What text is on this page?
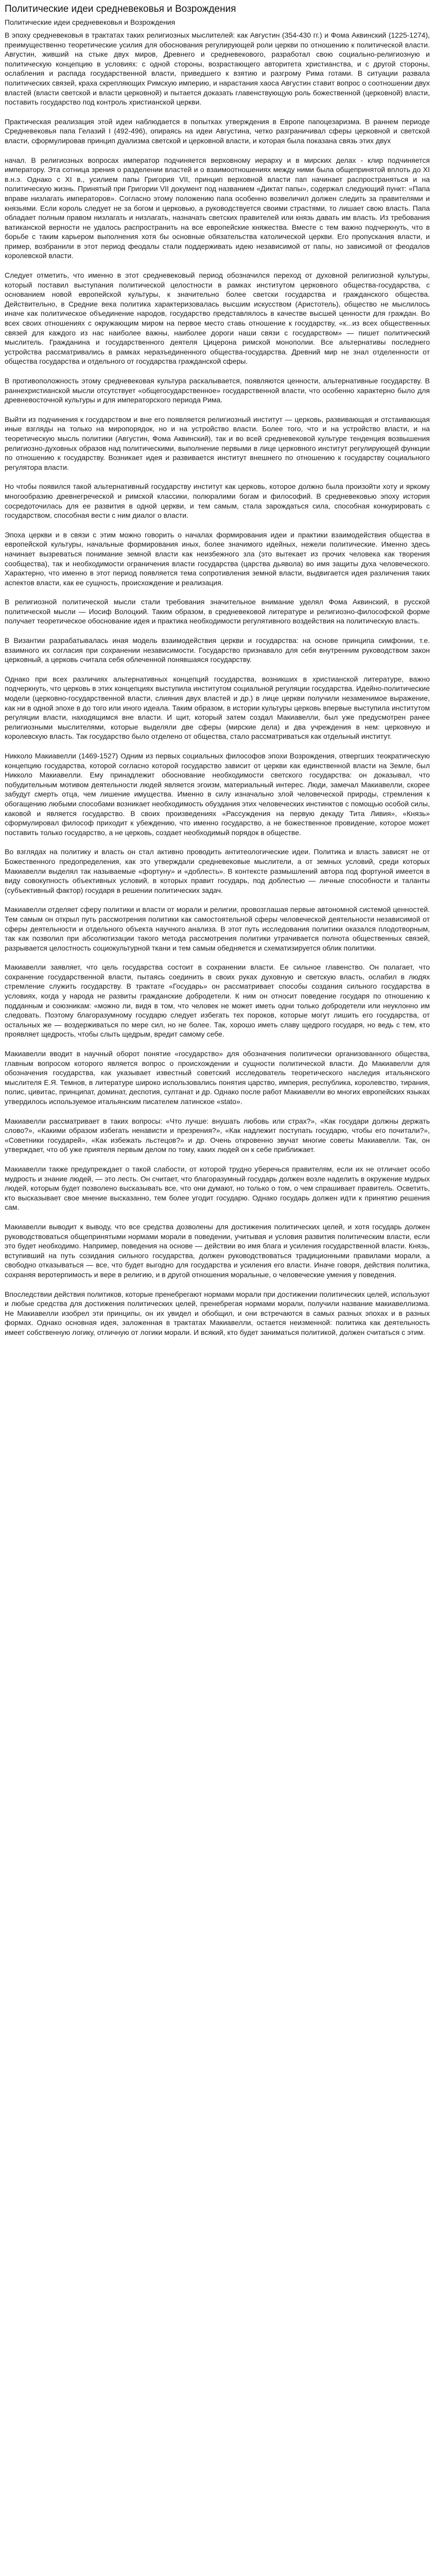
Политические идеи средневековья и Возрождения
Политические идеи средневековья и Возрождения

В эпоху средневековья в трактатах таких религиозных мыслителей: как Августин (354-430 гг.) и Фома Аквинский (1225-1274), преимущественно теоретические усилия для обоснования регулирующей роли церкви по отношению к политической власти. Августин, живший на стыке двух миров, Древнего и средневекового, разработал свою социально-религиозную и политическую концепцию в условиях: с одной стороны, возрастающего авторитета христианства, и с другой стороны, ослабления и распада государственной власти, приведшего к взятию и разгрому Рима готами. В ситуации развала политических связей, краха скрепляющих Римскую империю, и нарастания хаоса Августин ставит вопрос о соотношении двух властей (власти светской и власти церковной) и пытается доказать главенствующую роль божественной (церковной) власти, поставить государство под контроль христианской церкви.

Практическая реализация этой идеи наблюдается в попытках утверждения в Европе папоцезаризма. В раннем периоде Средневековья папа Гелазий I (492-496), опираясь на идеи Августина, четко разграничивал сферы церковной и светской власти, сформулировав принцип дуализма светской и церковной власти, и которая была показана связь этих двух

начал. В религиозных вопросах император подчиняется верховному иерарху и в мирских делах - клир подчиняется императору. Эта сотница зрения о разделении властей и о взаимоотношениях между ними была общепринятой вплоть до XI в.н.э. Однако с XI в., усилием папы Григория VII, принцип верховной власти пап начинает распространяться и на политическую жизнь. Принятый при Григории VII документ под названием «Диктат папы», содержал следующий пункт: «Папа вправе низлагать императоров». Согласно этому положению папа особенно возвеличил должен следить за правителями и князьями. Если король следует не за богом и церковью, а руководствуется своими страстями, то лишает свою власть. Папа обладает полным правом низлагать и низлагать, назначать светских правителей или князь давать им власть. Из требования ватиканской верности не удалось распространить на все европейские княжества. Вместе с тем важно подчеркнуть, что в борьбе с таким карьером выполнения хотя бы основные обязательства католической церкви. Его пропускания власти, и пример, возбранили в этот период феодалы стали поддерживать идею независимой от папы, но зависимой от феодалов королевской власти.

Следует отметить, что именно в этот средневековый период обозначился переход от духовной религиозной культуры, который поставил выступания политической целостности в рамках институтом церковного общества-государства, с основанием новой европейской культуры, к значительно более светски государства и гражданского общества. Действительно, в Средние века политика характеризовалась высшим искусством (Аристотель), общество не мыслилось иначе как политическое объединение народов, государство представлялось в качестве высшей ценности для граждан. Во всех своих отношениях с окружающим миром на первое место ставь отношение к государству, «к...из всех общественных связей для каждого из нас наиболее важны, наиболее дороги наши связи с государством» — пишет политический мыслитель. Гражданина и государственного деятеля Цицерона римской монополии. Все альтернативы последнего устройства рассматривались в рамках неразъединенного общества-государства. Древний мир не знал отделенности от общества государства и отдельного от государства гражданской сферы.

В противоположность этому средневековая культура раскалывается, появляются ценности, альтернативные государству. В раннехристианской мысли отсутствует «общегосударственное» государственной власти, что особенно характерно было для древневосточной культуры и для императорского периода Рима.

Выйти из подчинения к государством и вне его появляется религиозный институт — церковь, развивающая и отстаивающая иные взгляды на только на миропорядок, но и на устройство власти. Более того, что и на устройство власти, и на теоретическую мысль политики (Августин, Фома Аквинский), так и во всей средневековой культуре тенденция возвышения религиозно-духовных образов над политическими, выполнение первыми в лице церковного институт регулирующей функции по отношению к государству. Возникает идея и развивается институт внешнего по отношению к государству социального регулятора власти.

Но чтобы появился такой альтернативный государству институт как церковь, которое должно была произойти хоту и яркому многообразию древнегреческой и римской классики, полюралими богам и философий. В средневековью эпоху история сосредоточилась для ее развития в одной церкви, и тем самым, стала зарождаться сила, способная конкурировать с государством, способная вести с ним диалог о власти.

Эпоха церкви и в связи с этим можно говорить о началах формирования идеи и практики взаимодействия общества в европейской культуры, начальные формирования иных, более значимого идейных, нежели политические. Именно здесь начинает вызреваться понимание земной власти как неизбежного зла (это вытекает из прочих человека как творения сообщества), так и необходимости ограничения власти государства (царства дьявола) во имя защиты духа человеческого. Характерно, что именно в этот период появляется тема сопротивления земной власти, выдвигается идея различения таких аспектов власти, как ее сущность, происхождение и реализация.

В религиозной политической мысли стали требования значительное внимание уделял Фома Аквинский, в русской политической мысли — Иосиф Волоцкий. Таким образом, в средневековой литературе и религиозно-философской форме получает теоретическое обоснование идея и практика необходимости регулятивного воздействия на политическую власть.

В Византии разрабатывалась иная модель взаимодействия церкви и государства: на основе принципа симфонии, т.е. взаимного их согласия при сохранении независимости. Государство признавало для себя внутренним руководством закон церковный, а церковь считала себя облеченной понявшаяся государству.

Однако при всех различиях альтернативных концепций государства, возникших в христианской литературе, важно подчеркнуть, что церковь в этих концепциях выступила институтом социальной регуляции государства. Идейно-политические модели (церковно-государственной власти, слияния двух властей и др.) в лице церкви получили незаменимое выражение, как ни в одной эпохе в до того или иного идеала. Таким образом, в истории культуры церковь впервые выступила институтом регуляции власти, находящимся вне власти. И щит, который затем создал Макиавелли, был уже предусмотрен ранее религиозными мыслителями, которые выделяли две сферы (мирские дела) и два учреждения в нем: церковную и королевскую власть. Так государство было отделено от общества, стало рассматриваться как отдельный институт.

Никколо Макиавелли (1469-1527) Одним из первых социальных философов эпохи Возрождения, отвергших теократическую концепцию государства, которой согласно которой государство зависит от церкви как единственной власти на Земле, был Никколо Макиавелли. Ему принадлежит обоснование необходимости светского государства: он доказывал, что побудительным мотивом деятельности людей является эгоизм, материальный интерес. Люди, замечал Макиавелли, скорее забудут смерть отца, чем лишение имущества. Именно в силу изначально злой человеческой природы, стремления к обогащению любыми способами возникает необходимость обуздания этих человеческих инстинктов с помощью особой силы, каковой и является государство. В своих произведениях «Рассуждения на первую декаду Тита Ливия», «Князь» сформулировал философ приходит к убеждению, что именно государство, а не божественное провидение, которое может поставить только государство, а не церковь, создает необходимый порядок в обществе.

Во взглядах на политику и власть он стал активно проводить антитеологические идеи. Политика и власть зависят не от Божественного предопределения, как это утверждали средневековые мыслители, а от земных условий, среди которых Макиавелли выделял так называемые «фортуну» и «доблесть». В контексте размышлений автора под фортуной имеется в виду совокупность объективных условий, в которых правит государь, под доблестью — личные способности и таланты (субъективный фактор) государя в решении политических задач.

Макиавелли отделяет сферу политики и власти от морали и религии, провозглашая первые автономной системой ценностей. Тем самым он открыл путь рассмотрения политики как самостоятельной сферы человеческой деятельности независимой от сферы деятельности и отдельного объекта научного анализа. В этот путь исследования политики оказался плодотворным, так как позволил при абсолютизации такого метода рассмотрения политики утрачивается полнота общественных связей, разрывается целостность социокультурной ткани и тем самым обедняется и схематизируется облик политики.

Макиавелли заявляет, что цель государства состоит в сохранении власти. Ее сильное главенство. Он полагает, что сохранение государственной власти, пытаясь соединить в своих руках духовную и светскую власть, ослабил в людях стремление служить государству. В трактате «Государь» он рассматривает способы создания сильного государства в условиях, когда у народа не развиты гражданские добродетели. К ним он относит поведение государя по отношению к подданным и союзникам: «можно ли, видя в том, что человек не может иметь одни только добродетели или неуклонно им следовать. Поэтому благоразумному государю следует избегать тех пороков, которые могут лишить его государства, от остальных же — воздерживаться по мере сил, но не более. Так, хорошо иметь славу щедрого государя, но ведь с тем, кто проявляет щедрость, чтобы слыть щедрым, вредит самому себе.

Макиавелли вводит в научный оборот понятие «государство» для обозначения политически организованного общества, главным вопросом которого является вопрос о происхождении и сущности политической власти. До Макиавелли для обозначения государства, как указывает известный советский исследователь теоретического наследия итальянского мыслителя Е.Я. Темнов, в литературе широко использовались понятия царство, империя, республика, королевство, тирания, полис, цивитас, принципат, доминат, деспотия, султанат и др. Однако после работ Макиавелли во многих европейских языках утвердилось используемое итальянским писателем латинское «stato».

Макиавелли рассматривает в таких вопросы: «Что лучше: внушать любовь или страх?», «Как государи должны держать слово?», «Какими образом избегать ненависти и презрения?», «Как надлежит поступать государю, чтобы его почитали?», «Советники государей», «Как избежать льстецов?» и др. Очень откровенно звучат многие советы Макиавелли. Так, он утверждает, что об уже приятеля первым делом по тому, каких людей он к себе приближает.

Макиавелли также предупреждает о такой слабости, от которой трудно уберечься правителям, если их не отличает особо мудрость и знание людей, — это лесть. Он считает, что благоразумный государь должен возле наделить в окружение мудрых людей, которым будет позволено высказывать все, что они думают, но только о том, о чем спрашивает правитель. Осветить, кто высказывает свое мнение высказанно, тем более угодит государю. Однако государь должен идти к принятию решения сам.

Макиавелли выводит к выводу, что все средства дозволены для достижения политических целей, и хотя государь должен руководствоваться общепринятыми нормами морали в поведении, учитывая и условия развития политическим власти, если это будет необходимо. Например, поведения на основе — действии во имя блага и усиления государственной власти. Князь, вступивший на путь созидания сильного государства, должен руководствоваться традиционными правилами морали, а свободно отказываться — все, что будет выгодно для государства и усиления его власти. Иначе говоря, действия политика, сохраняя веротерпимость и вере в религию, и в другой отношения моральные, о человеческие умения у поведения.

Впоследствии действия политиков, которые пренебрегают нормами морали при достижении политических целей, используют и любые средства для достижения политических целей, пренебрегая нормами морали, получили название макиавеллизма. Не Макиавелли изобрел эти принципы, он их увидел и обобщил, и они встречаются в самых разных эпохах и в разных формах. Однако основная идея, заложенная в трактатах Макиавелли, остается неизменной: политика как деятельность имеет собственную логику, отличную от логики морали. И всякий, кто будет заниматься политикой, должен считаться с этим.
